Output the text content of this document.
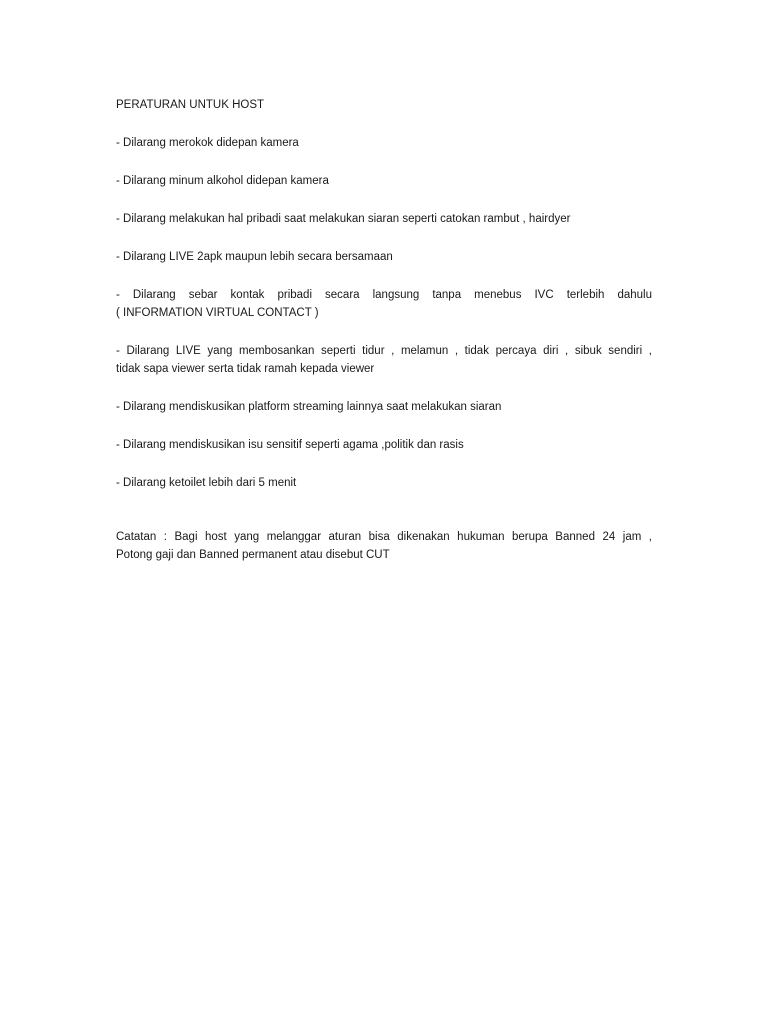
PERATURAN UNTUK HOST

- Dilarang merokok didepan kamera
- Dilarang minum alkohol didepan kamera
- Dilarang melakukan hal pribadi saat melakukan siaran seperti catokan rambut , hairdyer
- Dilarang LIVE 2apk maupun lebih secara bersamaan
- Dilarang sebar kontak pribadi secara langsung tanpa menebus IVC terlebih dahulu
( INFORMATION VIRTUAL CONTACT )
- Dilarang LIVE yang membosankan seperti tidur , melamun , tidak percaya diri , sibuk sendiri ,
tidak sapa viewer serta tidak ramah kepada viewer
- Dilarang mendiskusikan platform streaming lainnya saat melakukan siaran
- Dilarang mendiskusikan isu sensitif seperti agama ,politik dan rasis
- Dilarang ketoilet lebih dari 5 menit

Catatan : Bagi host yang melanggar aturan bisa dikenakan hukuman berupa Banned 24 jam ,
Potong gaji dan Banned permanent atau disebut CUT
